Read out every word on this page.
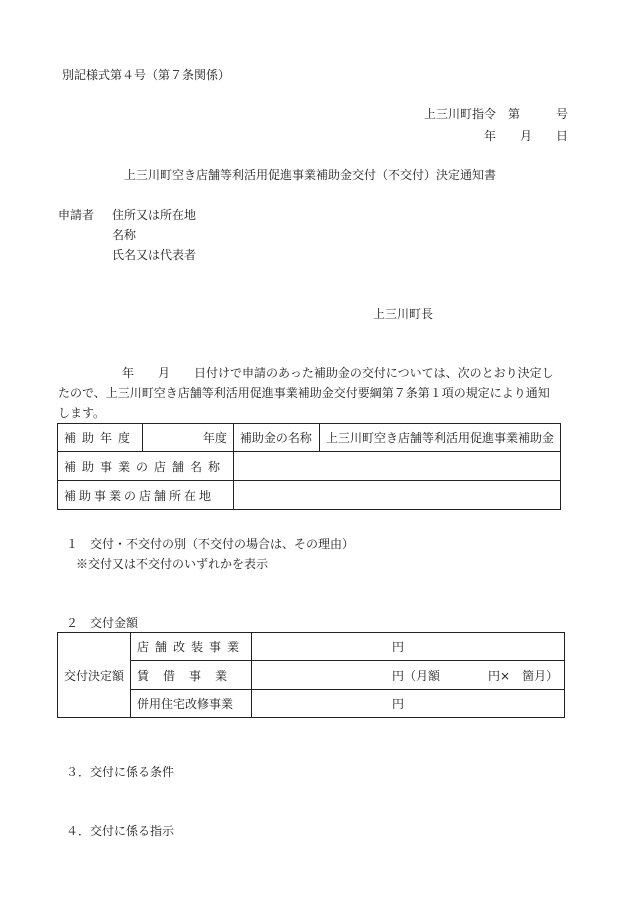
別記様式第４号（第７条関係）
上三川町指令　第　　　号
年　　月　　日
上三川町空き店舗等利活用促進事業補助金交付（不交付）決定通知書
申請者 住所又は所在地
名称
氏名又は代表者
上三川町長
年　　月　　日付けで申請のあった補助金の交付については、次のとおり決定し
たので、上三川町空き店舗等利活用促進事業補助金交付要綱第７条第１項の規定により通知
します。
補助年度	年度	補助金の名称	上三川町空き店舗等利活用促進事業補助金
補助事業の店舗名称			
補助事業の店舗所在地			
１　交付・不交付の別（不交付の場合は、その理由）
※交付又は不交付のいずれかを表示
２　交付金額
交付決定額	店舗改装事業	円
	賃借事業	円（月額　　　　円×　箇月）
	併用住宅改修事業	円
３．交付に係る条件
４．交付に係る指示
